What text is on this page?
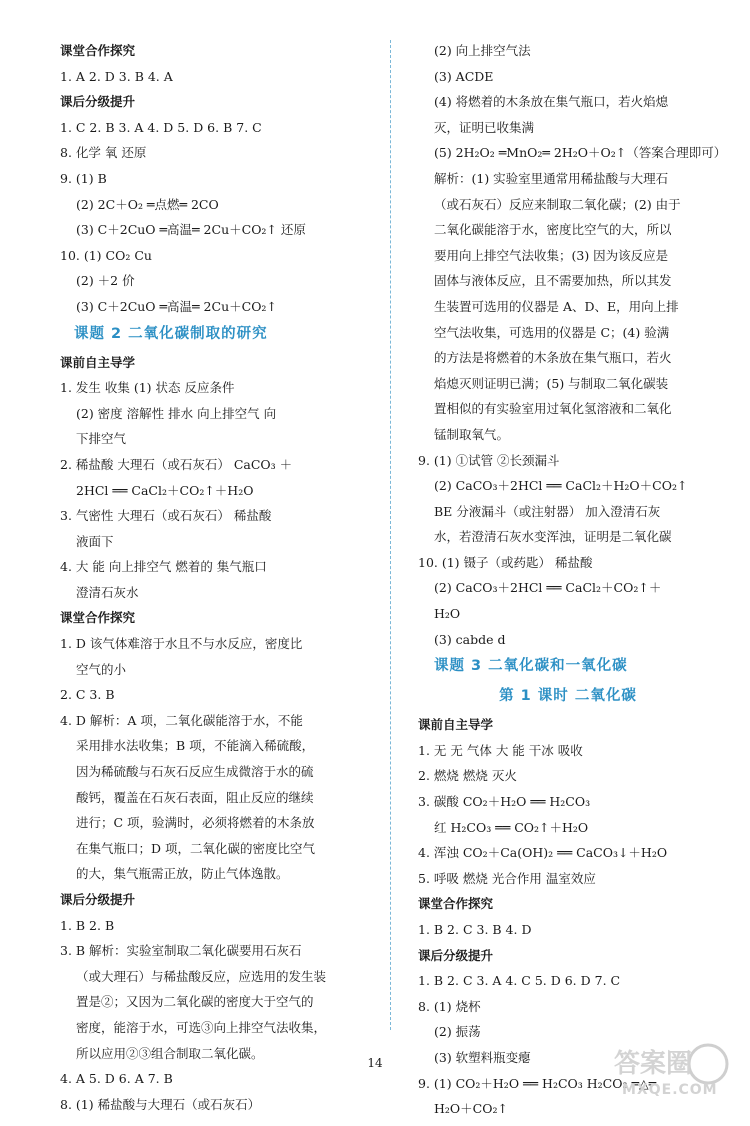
课堂合作探究
1. A 2. D 3. B 4. A
课后分级提升
1. C 2. B 3. A 4. D 5. D 6. B 7. C
8. 化学 氧 还原
9. (1) B
(2) 2C＋O₂ ═点燃═ 2CO
(3) C＋2CuO ═高温═ 2Cu＋CO₂↑ 还原
10. (1) CO₂ Cu
(2) ＋2 价
(3) C＋2CuO ═高温═ 2Cu＋CO₂↑
课题 2 二氧化碳制取的研究
课前自主导学
1. 发生 收集 (1) 状态 反应条件
(2) 密度 溶解性 排水 向上排空气 向
下排空气
2. 稀盐酸 大理石（或石灰石） CaCO₃ ＋
2HCl ══ CaCl₂＋CO₂↑＋H₂O
3. 气密性 大理石（或石灰石） 稀盐酸
液面下
4. 大 能 向上排空气 燃着的 集气瓶口
澄清石灰水
课堂合作探究
1. D 该气体难溶于水且不与水反应，密度比
空气的小
2. C 3. B
4. D 解析：A 项，二氧化碳能溶于水，不能
采用排水法收集；B 项，不能滴入稀硫酸，
因为稀硫酸与石灰石反应生成微溶于水的硫
酸钙，覆盖在石灰石表面，阻止反应的继续
进行；C 项，验满时，必须将燃着的木条放
在集气瓶口；D 项，二氧化碳的密度比空气
的大，集气瓶需正放，防止气体逸散。
课后分级提升
1. B 2. B
3. B 解析：实验室制取二氧化碳要用石灰石
（或大理石）与稀盐酸反应，应选用的发生装
置是②；又因为二氧化碳的密度大于空气的
密度，能溶于水，可选③向上排空气法收集，
所以应用②③组合制取二氧化碳。
4. A 5. D 6. A 7. B
8. (1) 稀盐酸与大理石（或石灰石）
(2) 向上排空气法
(3) ACDE
(4) 将燃着的木条放在集气瓶口，若火焰熄
灭，证明已收集满
(5) 2H₂O₂ ═MnO₂═ 2H₂O＋O₂↑（答案合理即可）
解析：(1) 实验室里通常用稀盐酸与大理石
（或石灰石）反应来制取二氧化碳；(2) 由于
二氧化碳能溶于水，密度比空气的大，所以
要用向上排空气法收集；(3) 因为该反应是
固体与液体反应，且不需要加热，所以其发
生装置可选用的仪器是 A、D、E，用向上排
空气法收集，可选用的仪器是 C；(4) 验满
的方法是将燃着的木条放在集气瓶口，若火
焰熄灭则证明已满；(5) 与制取二氧化碳装
置相似的有实验室用过氧化氢溶液和二氧化
锰制取氧气。
9. (1) ①试管 ②长颈漏斗
(2) CaCO₃＋2HCl ══ CaCl₂＋H₂O＋CO₂↑
BE 分液漏斗（或注射器） 加入澄清石灰
水，若澄清石灰水变浑浊，证明是二氧化碳
10. (1) 镊子（或药匙） 稀盐酸
(2) CaCO₃＋2HCl ══ CaCl₂＋CO₂↑＋
H₂O
(3) cabde d
课题 3 二氧化碳和一氧化碳
第 1 课时 二氧化碳
课前自主导学
1. 无 无 气体 大 能 干冰 吸收
2. 燃烧 燃烧 灭火
3. 碳酸 CO₂＋H₂O ══ H₂CO₃
红 H₂CO₃ ══ CO₂↑＋H₂O
4. 浑浊 CO₂＋Ca(OH)₂ ══ CaCO₃↓＋H₂O
5. 呼吸 燃烧 光合作用 温室效应
课堂合作探究
1. B 2. C 3. B 4. D
课后分级提升
1. B 2. C 3. A 4. C 5. D 6. D 7. C
8. (1) 烧杯
(2) 振荡
(3) 软塑料瓶变瘪
9. (1) CO₂＋H₂O ══ H₂CO₃ H₂CO₃ ═△═
H₂O＋CO₂↑
14	答案圈
MXQE.COM
